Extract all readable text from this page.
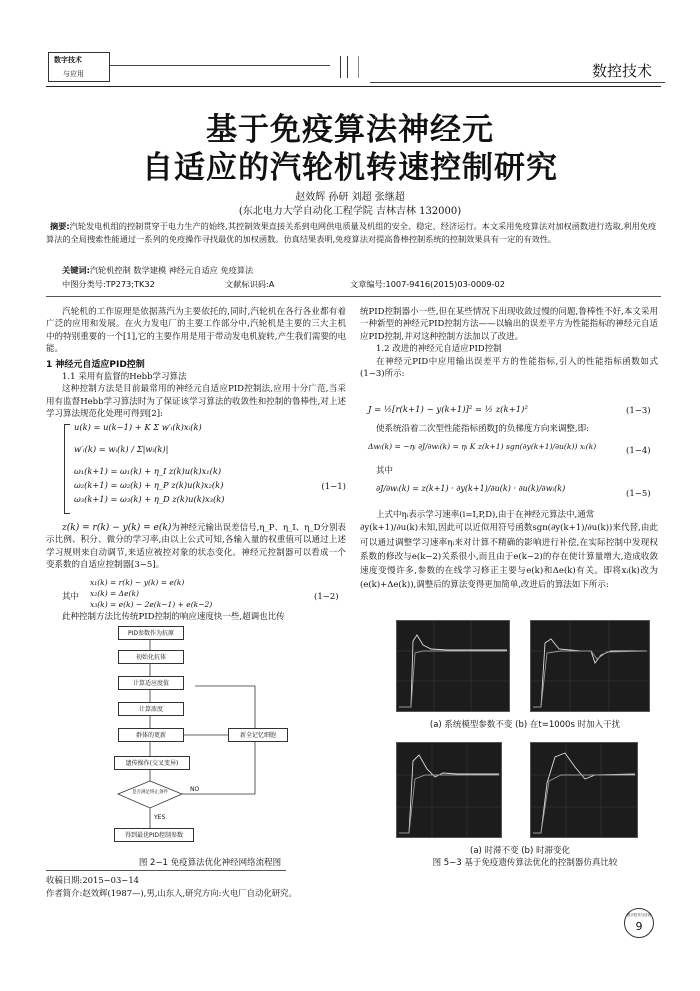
数字技术
与应用	数控技术
基于免疫算法神经元
自适应的汽轮机转速控制研究
赵效辉 孙研 刘超 张继超
(东北电力大学自动化工程学院 吉林吉林 132000)
摘要:汽轮发电机组的控制贯穿于电力生产的始终,其控制效果直接关系到电网供电质量及机组的安全、稳定、经济运行。本文采用免疫算法对加权函数进行选取,利用免疫算法的全局搜索性能通过一系列的免疫操作寻找最优的加权函数。仿真结果表明,免疫算法对提高鲁棒控制系统的控制效果具有一定的有效性。
关键词:汽轮机控制 数学建模 神经元自适应 免疫算法
中图分类号:TP273;TK32	文献标识码:A	文章编号:1007-9416(2015)03-0009-02

汽轮机的工作原理是依据蒸汽为主要依托的,同时,汽轮机在各行各业都有着广泛的应用和发展。在火力发电厂的主要工作部分中,汽轮机是主要的三大主机中的特别重要的一个[1],它的主要作用是用于带动发电机旋转,产生我们需要的电能。

1 神经元自适应PID控制
1.1 采用有监督的Hebb学习算法

这种控制方法是目前最常用的神经元自适应PID控制法,应用十分广范,当采用有监督Hebb学习算法时为了保证该学习算法的收敛性和控制的鲁棒性,对上述学习算法规范化处理可得到[2]:

u(k) = u(k−1) + K Σ w′ᵢ(k)xᵢ(k)
w′ᵢ(k) = wᵢ(k) / Σ|wᵢ(k)|
ω₁(k+1) = ω₁(k) + η_I z(k)u(k)x₁(k)
ω₂(k+1) = ω₂(k) + η_P z(k)u(k)x₂(k)
ω₃(k+1) = ω₃(k) + η_D z(k)u(k)x₃(k)
(1−1)

z(k) = r(k) − y(k) = e(k)为神经元输出误差信号,η_P、η_I、η_D分别表示比例、积分、微分的学习率,由以上公式可知,各输入量的权重值可以通过上述学习规则来自动调节,来适应被控对象的状态变化。神经元控制器可以看成一个变系数的自适应控制器[3−5]。

x₁(k) = r(k) − y(k) = e(k)
其中 x₂(k) = Δe(k)
x₃(k) = e(k) − 2e(k−1) + e(k−2)
(1−2)

此种控制方法比传统PID控制的响应速度快一些,超调也比传

PID参数作为抗原
初始化抗体
计算适应度值
计算浓度
群体的更新	新全记忆细胞
遗传操作(交叉变异)
是否满足终止条件	NO
YES
得到最优PID控制参数
图 2−1 免疫算法优化神经网络流程图
收稿日期:2015−03−14
作者简介:赵效辉(1987—),男,山东人,研究方向:火电厂自动化研究。

统PID控制器小一些,但在某些情况下出现收敛过慢的问题,鲁棒性不好,本文采用一种新型的神经元PID控制方法——以输出的误差平方为性能指标的神经元自适应PID控制,并对这种控制方法加以了改进。

1.2 改进的神经元自适应PID控制

在神经元PID中应用输出误差平方的性能指标,引入的性能指标函数如式(1−3)所示:

J = ½[r(k+1) − y(k+1)]² = ½ z(k+1)²	(1−3)
使系统沿着二次型性能指标函数J的负梯度方向来调整,即:
Δwᵢ(k) = −ηᵢ ∂J/∂wᵢ(k) = ηᵢ K z(k+1) sgn(∂y(k+1)/∂u(k)) xᵢ(k)	(1−4)
其中
∂J/∂wᵢ(k) = z(k+1) · ∂y(k+1)/∂u(k) · ∂u(k)/∂wᵢ(k)
(1−5)

上式中ηᵢ表示学习速率(i=I,P,D),由于在神经元算法中,通常

∂y(k+1)/∂u(k)未知,因此可以近似用符号函数sgn(∂y(k+1)/∂u(k))来代替,由此可以通过调整学习速率ηᵢ来对计算不精确的影响进行补偿,在实际控制中发现权系数的修改与e(k−2)关系很小,而且由于e(k−2)的存在使计算量增大,造成收敛速度变慢许多,参数的在线学习修正主要与e(k)和Δe(k)有关。即将xᵢ(k)改为(e(k)+Δe(k)),调整后的算法变得更加简单,改进后的算法如下所示:

(a) 系统模型参数不变 (b) 在t=1000s 时加入干扰
(a) 时滞不变 (b) 时滞变化
图 5−3 基于免疫遗传算法优化的控制器仿真比较
数字技术与应用
9
